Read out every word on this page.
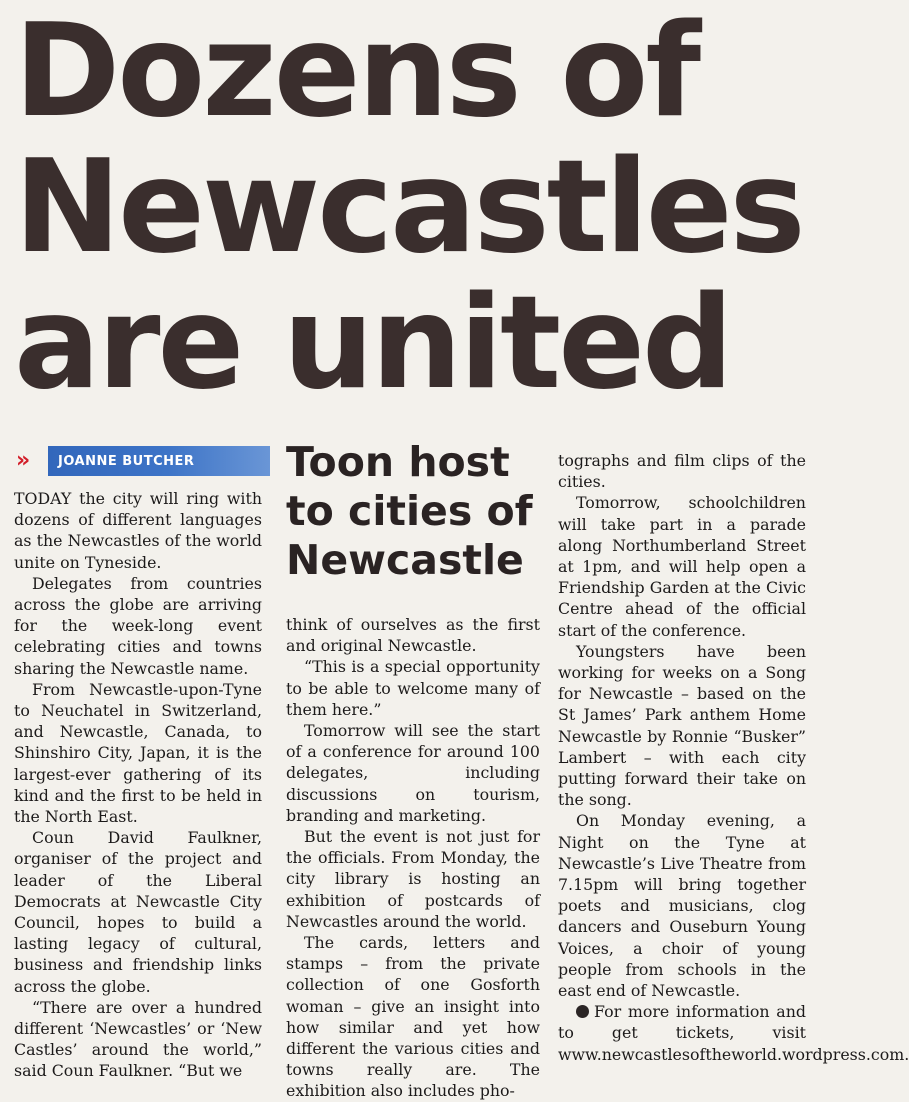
Dozens of
Newcastles
are united
»	JOANNE BUTCHER Toon host
to cities of
Newcastle

TODAY the city will ring with dozens of different languages as the Newcastles of the world unite on Tyneside.

Delegates from countries across the globe are arriving for the week-long event celebrating cities and towns sharing the Newcastle name.

From Newcastle-upon-Tyne to Neuchatel in Switzerland, and Newcastle, Canada, to Shinshiro City, Japan, it is the largest-ever gathering of its kind and the first to be held in the North East.

Coun David Faulkner, organiser of the project and leader of the Liberal Democrats at Newcastle City Council, hopes to build a lasting legacy of cultural, business and friendship links across the globe.

“There are over a hundred different ‘Newcastles’ or ‘New Castles’ around the world,” said Coun Faulkner. “But we

think of ourselves as the first and original Newcastle.

“This is a special opportunity to be able to welcome many of them here.”

Tomorrow will see the start of a conference for around 100 delegates, including discussions on tourism, branding and marketing.

But the event is not just for the officials. From Monday, the city library is hosting an exhibition of postcards of Newcastles around the world.

The cards, letters and stamps – from the private collection of one Gosforth woman – give an insight into how similar and yet how different the various cities and towns really are. The exhibition also includes pho-

tographs and film clips of the cities.

Tomorrow, schoolchildren will take part in a parade along Northumberland Street at 1pm, and will help open a Friendship Garden at the Civic Centre ahead of the official start of the conference.

Youngsters have been working for weeks on a Song for Newcastle – based on the St James’ Park anthem Home Newcastle by Ronnie “Busker” Lambert – with each city putting forward their take on the song.

On Monday evening, a Night on the Tyne at Newcastle’s Live Theatre from 7.15pm will bring together poets and musicians, clog dancers and Ouseburn Young Voices, a choir of young people from schools in the east end of Newcastle.

For more information and to get tickets, visit www.newcastlesoftheworld.wordpress.com.
